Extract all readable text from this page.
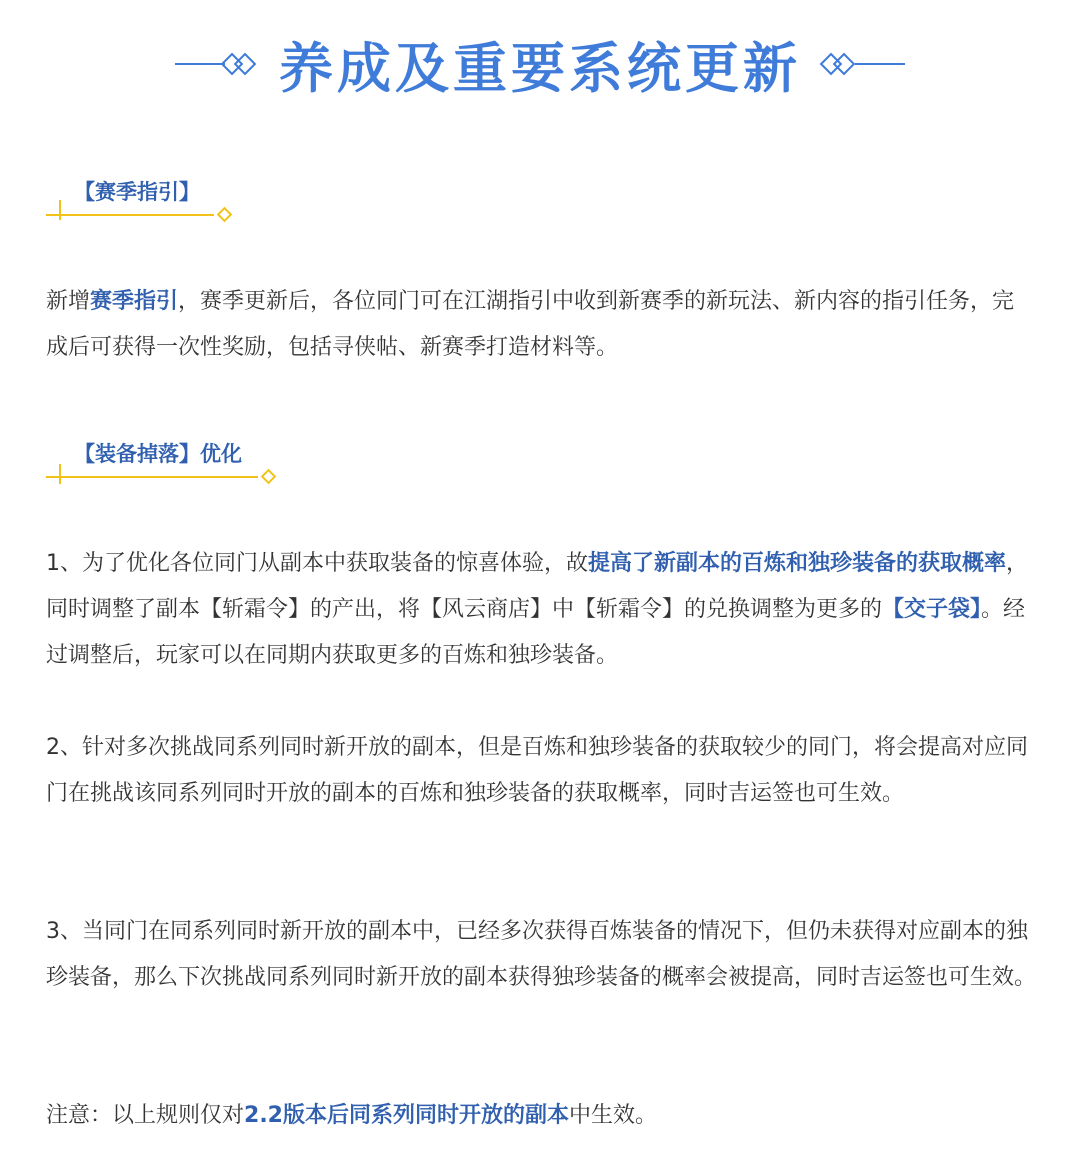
养成及重要系统更新
【赛季指引】
新增赛季指引，赛季更新后，各位同门可在江湖指引中收到新赛季的新玩法、新内容的指引任务，完成后可获得一次性奖励，包括寻侠帖、新赛季打造材料等。
【装备掉落】优化
1、为了优化各位同门从副本中获取装备的惊喜体验，故提高了新副本的百炼和独珍装备的获取概率，同时调整了副本【斩霜令】的产出，将【风云商店】中【斩霜令】的兑换调整为更多的【交子袋】。经过调整后，玩家可以在同期内获取更多的百炼和独珍装备。
2、针对多次挑战同系列同时新开放的副本，但是百炼和独珍装备的获取较少的同门，将会提高对应同门在挑战该同系列同时开放的副本的百炼和独珍装备的获取概率，同时吉运签也可生效。
3、当同门在同系列同时新开放的副本中，已经多次获得百炼装备的情况下，但仍未获得对应副本的独珍装备，那么下次挑战同系列同时新开放的副本获得独珍装备的概率会被提高，同时吉运签也可生效。
注意：以上规则仅对2.2版本后同系列同时开放的副本中生效。
